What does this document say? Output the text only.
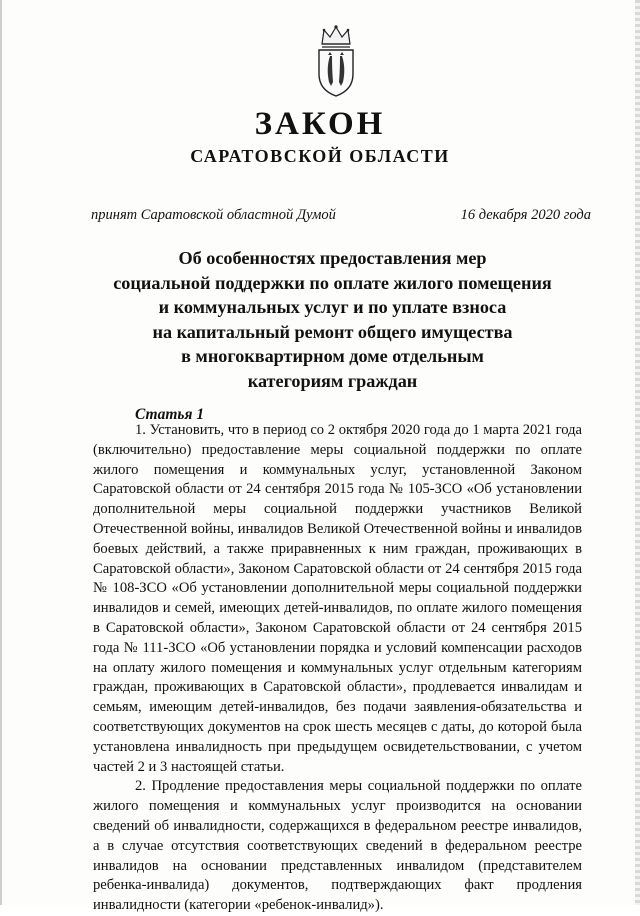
ЗАКОН
САРАТОВСКОЙ ОБЛАСТИ
принят Саратовской областной Думой	16 декабря 2020 года
Об особенностях предоставления мер
социальной поддержки по оплате жилого помещения
и коммунальных услуг и по уплате взноса
на капитальный ремонт общего имущества
в многоквартирном доме отдельным
категориям граждан
Статья 1

1. Установить, что в период со 2 октября 2020 года до 1 марта 2021 года (включительно) предоставление меры социальной поддержки по оплате жилого помещения и коммунальных услуг, установленной Законом Саратовской области от 24 сентября 2015 года № 105-ЗСО «Об установлении дополнительной меры социальной поддержки участников Великой Отечественной войны, инвалидов Великой Отечественной войны и инвалидов боевых действий, а также приравненных к ним граждан, проживающих в Саратовской области», Законом Саратовской области от 24 сентября 2015 года № 108-ЗСО «Об установлении дополнительной меры социальной поддержки инвалидов и семей, имеющих детей-инвалидов, по оплате жилого помещения в Саратовской области», Законом Саратовской области от 24 сентября 2015 года № 111-ЗСО «Об установлении порядка и условий компенсации расходов на оплату жилого помещения и коммунальных услуг отдельным категориям граждан, проживающих в Саратовской области», продлевается инвалидам и семьям, имеющим детей-инвалидов, без подачи заявления-обязательства и соответствующих документов на срок шесть месяцев с даты, до которой была установлена инвалидность при предыдущем освидетельствовании, с учетом частей 2 и 3 настоящей статьи.

2. Продление предоставления меры социальной поддержки по оплате жилого помещения и коммунальных услуг производится на основании сведений об инвалидности, содержащихся в федеральном реестре инвалидов, а в случае отсутствия соответствующих сведений в федеральном реестре инвалидов на основании представленных инвалидом (представителем ребенка-инвалида) документов, подтверждающих факт продления инвалидности (категории «ребенок-инвалид»).
